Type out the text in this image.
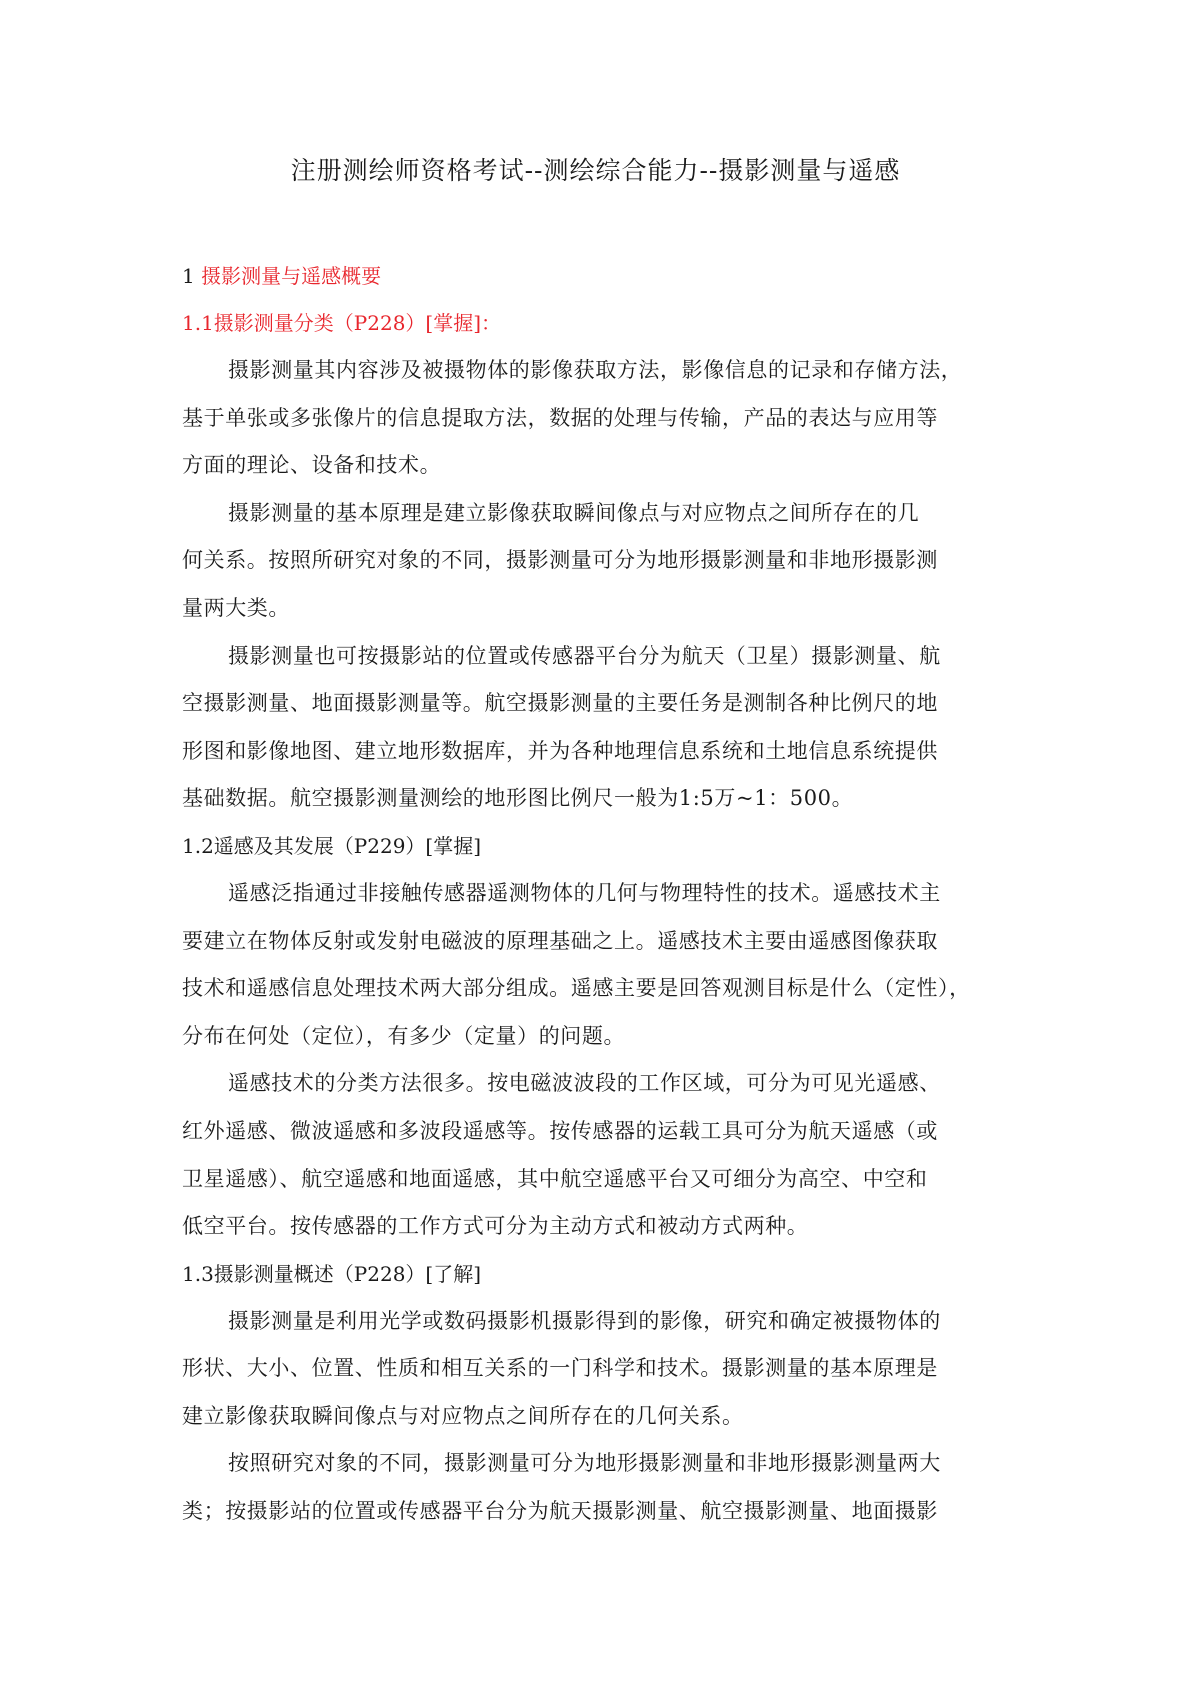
注册测绘师资格考试--测绘综合能力--摄影测量与遥感
1 摄影测量与遥感概要
1.1摄影测量分类（P228）[掌握]：

摄影测量其内容涉及被摄物体的影像获取方法，影像信息的记录和存储方法，
基于单张或多张像片的信息提取方法，数据的处理与传输，产品的表达与应用等
方面的理论、设备和技术。

摄影测量的基本原理是建立影像获取瞬间像点与对应物点之间所存在的几
何关系。按照所研究对象的不同，摄影测量可分为地形摄影测量和非地形摄影测
量两大类。

摄影测量也可按摄影站的位置或传感器平台分为航天（卫星）摄影测量、航
空摄影测量、地面摄影测量等。航空摄影测量的主要任务是测制各种比例尺的地
形图和影像地图、建立地形数据库，并为各种地理信息系统和土地信息系统提供
基础数据。航空摄影测量测绘的地形图比例尺一般为1:5万~1：500。

1.2遥感及其发展（P229）[掌握]

遥感泛指通过非接触传感器遥测物体的几何与物理特性的技术。遥感技术主
要建立在物体反射或发射电磁波的原理基础之上。遥感技术主要由遥感图像获取
技术和遥感信息处理技术两大部分组成。遥感主要是回答观测目标是什么（定性），
分布在何处（定位），有多少（定量）的问题。

遥感技术的分类方法很多。按电磁波波段的工作区域，可分为可见光遥感、
红外遥感、微波遥感和多波段遥感等。按传感器的运载工具可分为航天遥感（或
卫星遥感）、航空遥感和地面遥感，其中航空遥感平台又可细分为高空、中空和
低空平台。按传感器的工作方式可分为主动方式和被动方式两种。

1.3摄影测量概述（P228）[了解]

摄影测量是利用光学或数码摄影机摄影得到的影像，研究和确定被摄物体的
形状、大小、位置、性质和相互关系的一门科学和技术。摄影测量的基本原理是
建立影像获取瞬间像点与对应物点之间所存在的几何关系。

按照研究对象的不同，摄影测量可分为地形摄影测量和非地形摄影测量两大
类；按摄影站的位置或传感器平台分为航天摄影测量、航空摄影测量、地面摄影
